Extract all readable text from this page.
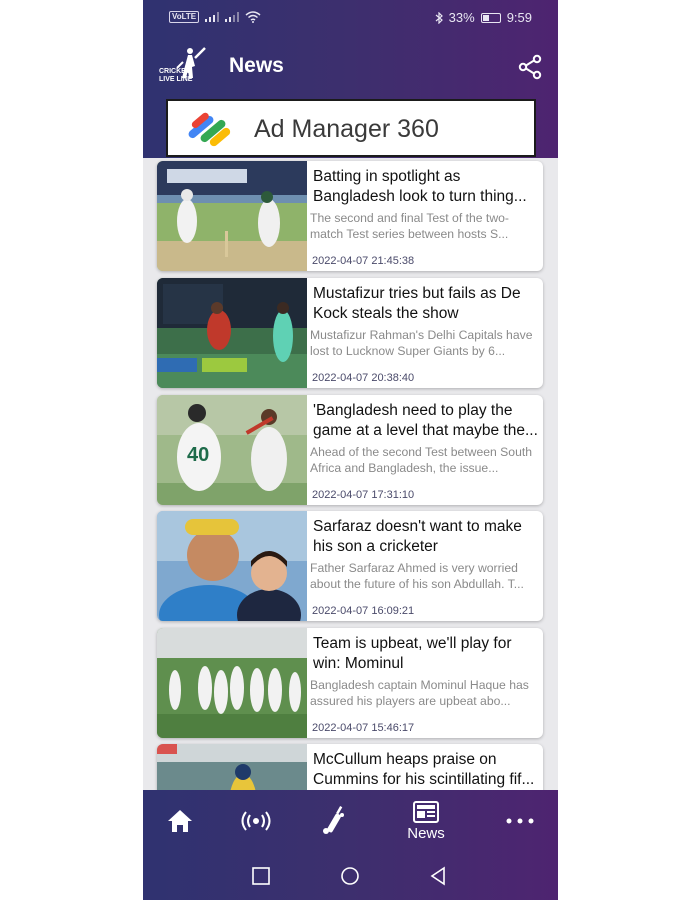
VoLTE	33% 9:59
CRICKET
LIVE LINE
News
Ad Manager 360
Batting in spotlight as Bangladesh look to turn thing...
The second and final Test of the two-match Test series between hosts S...
2022-04-07 21:45:38
Mustafizur tries but fails as De Kock steals the show
Mustafizur Rahman's Delhi Capitals have lost to Lucknow Super Giants by 6...
2022-04-07 20:38:40
40
'Bangladesh need to play the game at a level that maybe the...
Ahead of the second Test between South Africa and Bangladesh, the issue...
2022-04-07 17:31:10
Sarfaraz doesn't want to make his son a cricketer
Father Sarfaraz Ahmed is very worried about the future of his son Abdullah. T...
2022-04-07 16:09:21
Team is upbeat, we'll play for win: Mominul
Bangladesh captain Mominul Haque has assured his players are upbeat abo...
2022-04-07 15:46:17
McCullum heaps praise on Cummins for his scintillating fif...
News
